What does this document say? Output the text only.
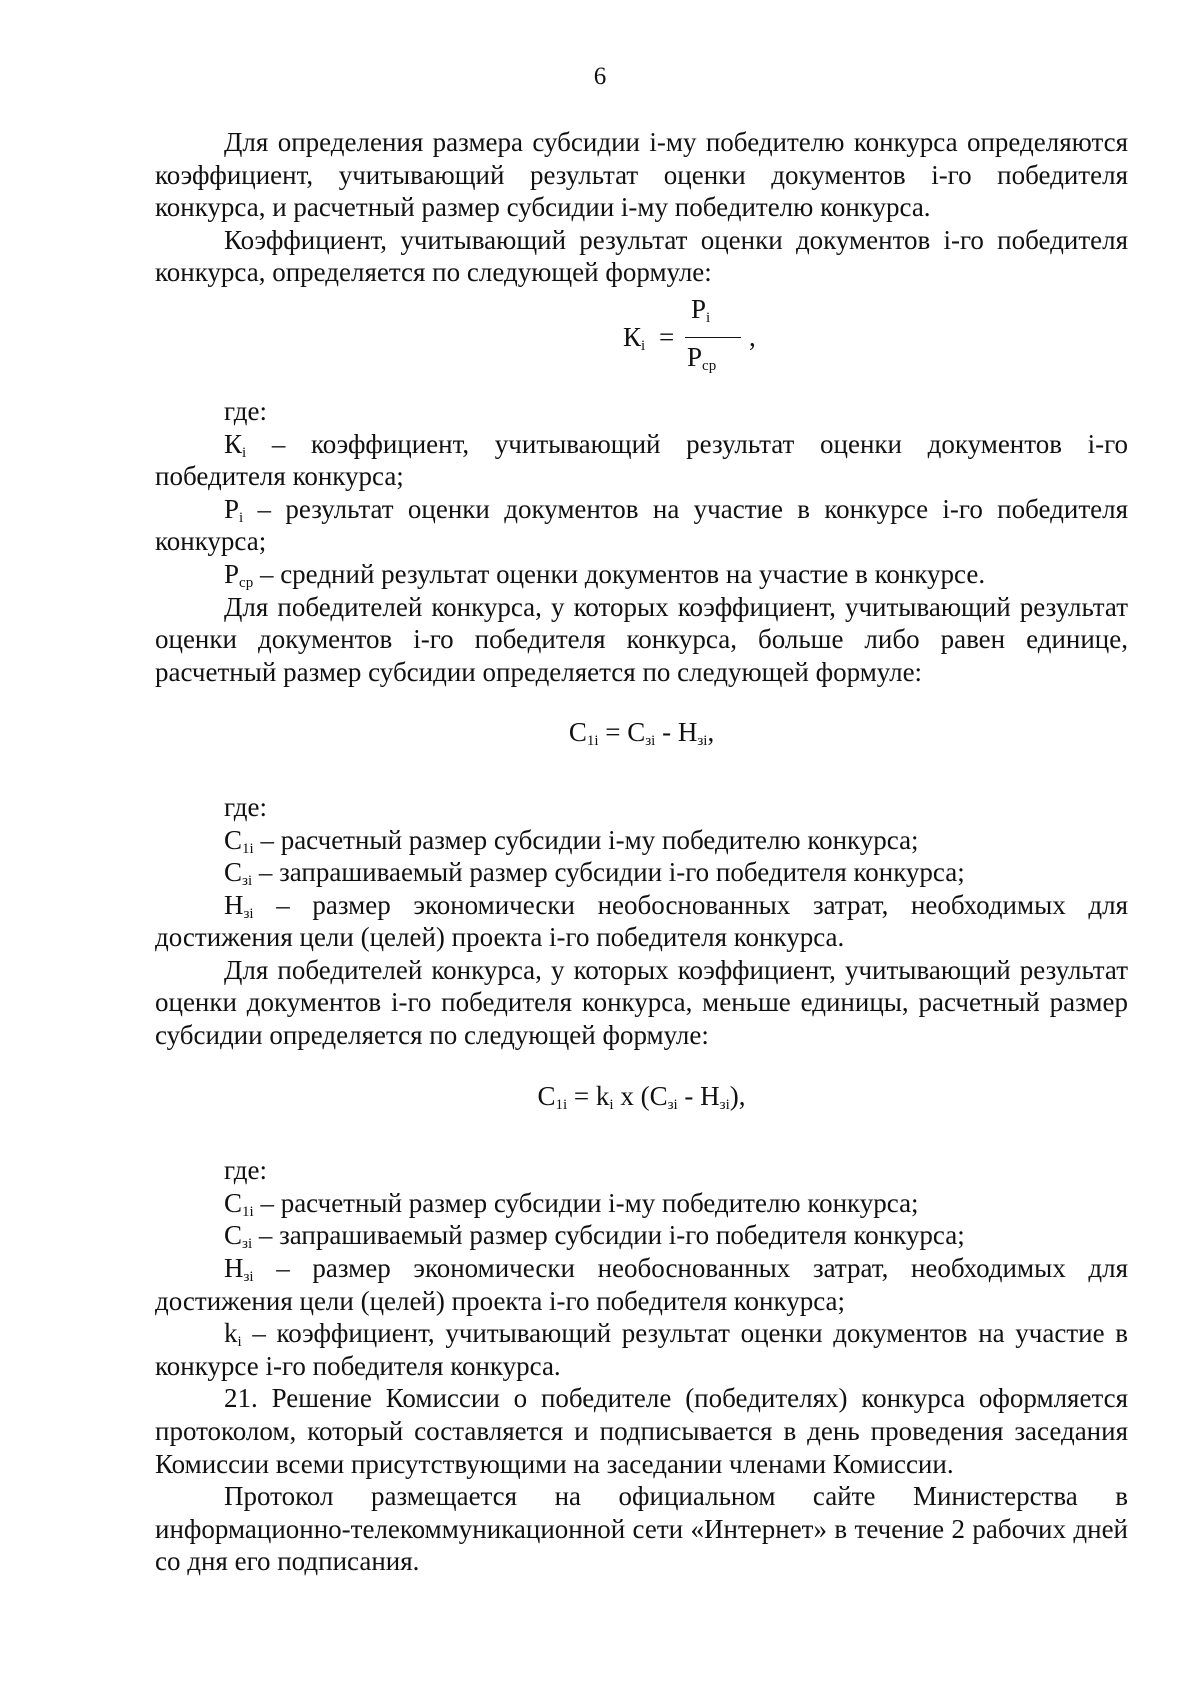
6

Для определения размера субсидии i-му победителю конкурса определяются коэффициент, учитывающий результат оценки документов i-го победителя конкурса, и расчетный размер субсидии i-му победителю конкурса.

Коэффициент, учитывающий результат оценки документов i-го победителя конкурса, определяется по следующей формуле:

$К_i$ =
$Р_i$
$Р_{ср}$
,

где:

$К_i$ – коэффициент, учитывающий результат оценки документов i-го победителя конкурса;

$Р_i$ – результат оценки документов на участие в конкурсе i-го победителя конкурса;

$Р_{ср}$ – средний результат оценки документов на участие в конкурсе.

Для победителей конкурса, у которых коэффициент, учитывающий результат оценки документов i-го победителя конкурса, больше либо равен единице, расчетный размер субсидии определяется по следующей формуле:

$С_{1i} = С_{зi} - Н_{зi}$,

где:

$С_{1i}$ – расчетный размер субсидии i-му победителю конкурса;

$С_{зi}$ – запрашиваемый размер субсидии i-го победителя конкурса;

$Н_{зi}$ – размер экономически необоснованных затрат, необходимых для достижения цели (целей) проекта i-го победителя конкурса.

Для победителей конкурса, у которых коэффициент, учитывающий результат оценки документов i-го победителя конкурса, меньше единицы, расчетный размер субсидии определяется по следующей формуле:

$С_{1i} = k_i$ х $(С_{зi} - Н_{зi})$,

где:

$С_{1i}$ – расчетный размер субсидии i-му победителю конкурса;

$С_{зi}$ – запрашиваемый размер субсидии i-го победителя конкурса;

$Н_{зi}$ – размер экономически необоснованных затрат, необходимых для достижения цели (целей) проекта i-го победителя конкурса;

$k_i$ – коэффициент, учитывающий результат оценки документов на участие в конкурсе i-го победителя конкурса.

21. Решение Комиссии о победителе (победителях) конкурса оформляется протоколом, который составляется и подписывается в день проведения заседания Комиссии всеми присутствующими на заседании членами Комиссии.

Протокол размещается на официальном сайте Министерства в информационно-телекоммуникационной сети «Интернет» в течение 2 рабочих дней со дня его подписания.
